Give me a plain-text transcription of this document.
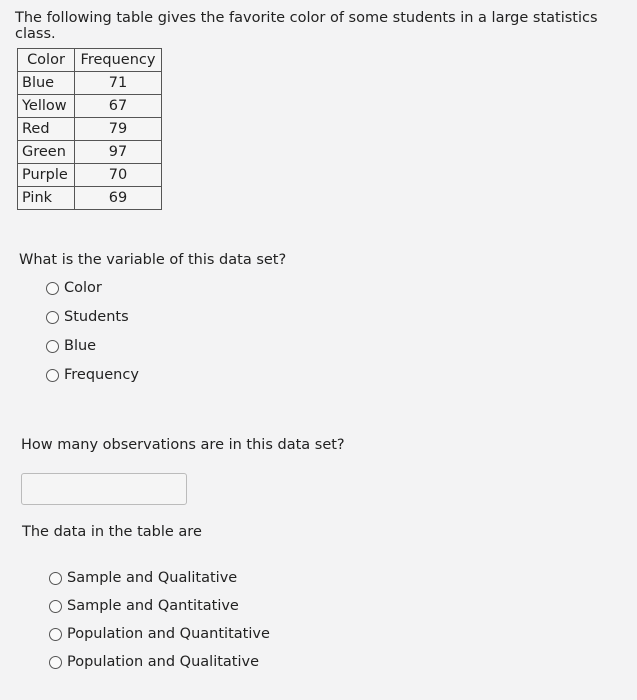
The following table gives the favorite color of some students in a large statistics class.
Color	Frequency
Blue	71
Yellow	67
Red	79
Green	97
Purple	70
Pink	69
What is the variable of this data set?
Color
Students
Blue
Frequency
How many observations are in this data set?
The data in the table are
Sample and Qualitative
Sample and Qantitative
Population and Quantitative
Population and Qualitative
